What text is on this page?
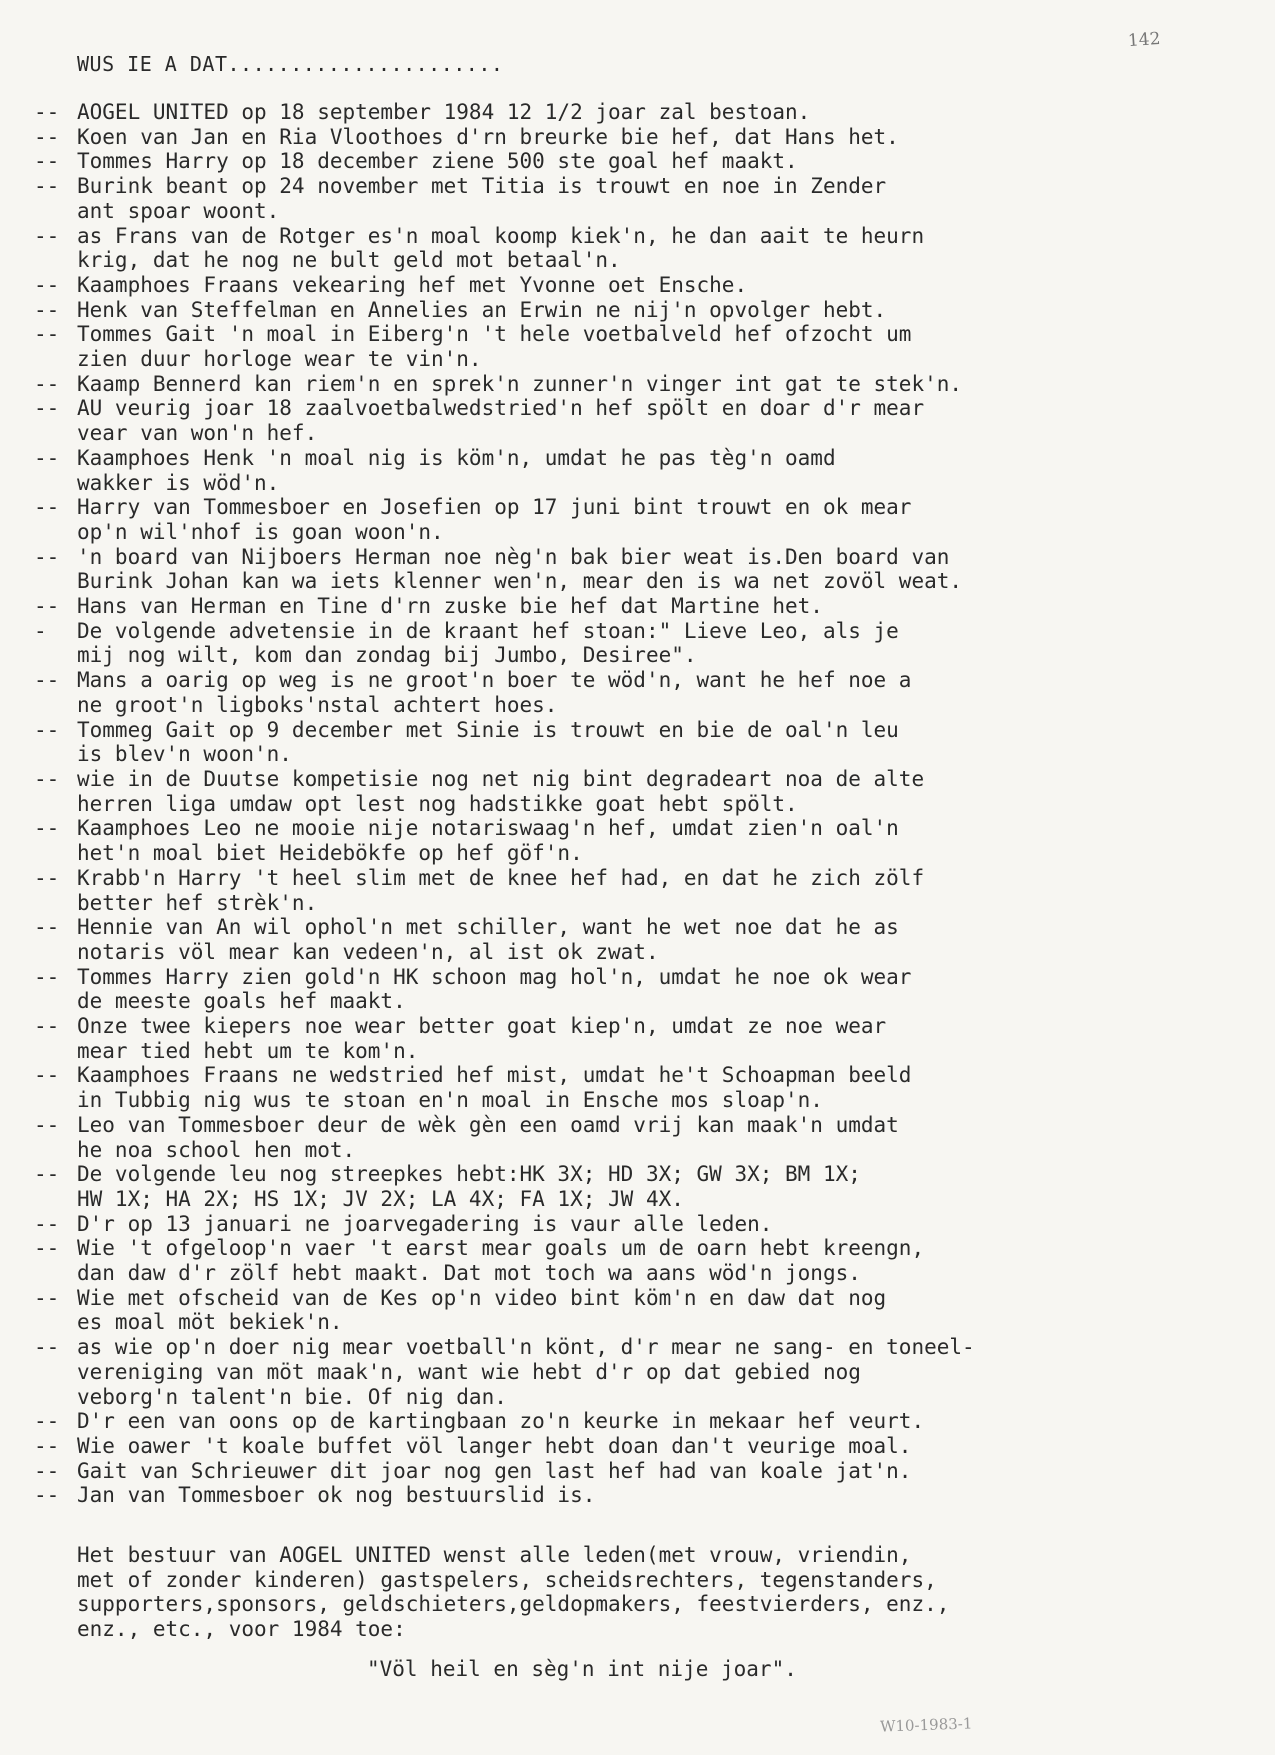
142
WUS IE A DAT......................
-- AOGEL UNITED op 18 september 1984 12 1/2 joar zal bestoan.
-- Koen van Jan en Ria Vloothoes d'rn breurke bie hef, dat Hans het.
-- Tommes Harry op 18 december ziene 500 ste goal hef maakt.
-- Burink beant op 24 november met Titia is trouwt en noe in Zender
ant spoar woont.
-- as Frans van de Rotger es'n moal koomp kiek'n, he dan aait te heurn
krig, dat he nog ne bult geld mot betaal'n.
-- Kaamphoes Fraans vekearing hef met Yvonne oet Ensche.
-- Henk van Steffelman en Annelies an Erwin ne nij'n opvolger hebt.
-- Tommes Gait 'n moal in Eiberg'n 't hele voetbalveld hef ofzocht um
zien duur horloge wear te vin'n.
-- Kaamp Bennerd kan riem'n en sprek'n zunner'n vinger int gat te stek'n.
-- AU veurig joar 18 zaalvoetbalwedstried'n hef spölt en doar d'r mear
vear van won'n hef.
-- Kaamphoes Henk 'n moal nig is köm'n, umdat he pas tèg'n oamd
wakker is wöd'n.
-- Harry van Tommesboer en Josefien op 17 juni bint trouwt en ok mear
op'n wil'nhof is goan woon'n.
-- 'n board van Nijboers Herman noe nèg'n bak bier weat is.Den board van
Burink Johan kan wa iets klenner wen'n, mear den is wa net zovöl weat.
-- Hans van Herman en Tine d'rn zuske bie hef dat Martine het.
- De volgende advetensie in de kraant hef stoan:" Lieve Leo, als je
mij nog wilt, kom dan zondag bij Jumbo, Desiree".
-- Mans a oarig op weg is ne groot'n boer te wöd'n, want he hef noe a
ne groot'n ligboks'nstal achtert hoes.
-- Tommeg Gait op 9 december met Sinie is trouwt en bie de oal'n leu
is blev'n woon'n.
-- wie in de Duutse kompetisie nog net nig bint degradeart noa de alte
herren liga umdaw opt lest nog hadstikke goat hebt spölt.
-- Kaamphoes Leo ne mooie nije notariswaag'n hef, umdat zien'n oal'n
het'n moal biet Heidebökfe op hef göf'n.
-- Krabb'n Harry 't heel slim met de knee hef had, en dat he zich zölf
better hef strèk'n.
-- Hennie van An wil ophol'n met schiller, want he wet noe dat he as
notaris völ mear kan vedeen'n, al ist ok zwat.
-- Tommes Harry zien gold'n HK schoon mag hol'n, umdat he noe ok wear
de meeste goals hef maakt.
-- Onze twee kiepers noe wear better goat kiep'n, umdat ze noe wear
mear tied hebt um te kom'n.
-- Kaamphoes Fraans ne wedstried hef mist, umdat he't Schoapman beeld
in Tubbig nig wus te stoan en'n moal in Ensche mos sloap'n.
-- Leo van Tommesboer deur de wèk gèn een oamd vrij kan maak'n umdat
he noa school hen mot.
-- De volgende leu nog streepkes hebt:HK 3X; HD 3X; GW 3X; BM 1X;
HW 1X; HA 2X; HS 1X; JV 2X; LA 4X; FA 1X; JW 4X.
-- D'r op 13 januari ne joarvegadering is vaur alle leden.
-- Wie 't ofgeloop'n vaer 't earst mear goals um de oarn hebt kreengn,
dan daw d'r zölf hebt maakt. Dat mot toch wa aans wöd'n jongs.
-- Wie met ofscheid van de Kes op'n video bint köm'n en daw dat nog
es moal möt bekiek'n.
-- as wie op'n doer nig mear voetball'n könt, d'r mear ne sang- en toneel-
vereniging van möt maak'n, want wie hebt d'r op dat gebied nog
veborg'n talent'n bie. Of nig dan.
-- D'r een van oons op de kartingbaan zo'n keurke in mekaar hef veurt.
-- Wie oawer 't koale buffet völ langer hebt doan dan't veurige moal.
-- Gait van Schrieuwer dit joar nog gen last hef had van koale jat'n.
-- Jan van Tommesboer ok nog bestuurslid is.
Het bestuur van AOGEL UNITED wenst alle leden(met vrouw, vriendin,
met of zonder kinderen) gastspelers, scheidsrechters, tegenstanders,
supporters,sponsors, geldschieters,geldopmakers, feestvierders, enz.,
enz., etc., voor 1984 toe:
"Völ heil en sèg'n int nije joar".
W10-1983-1
